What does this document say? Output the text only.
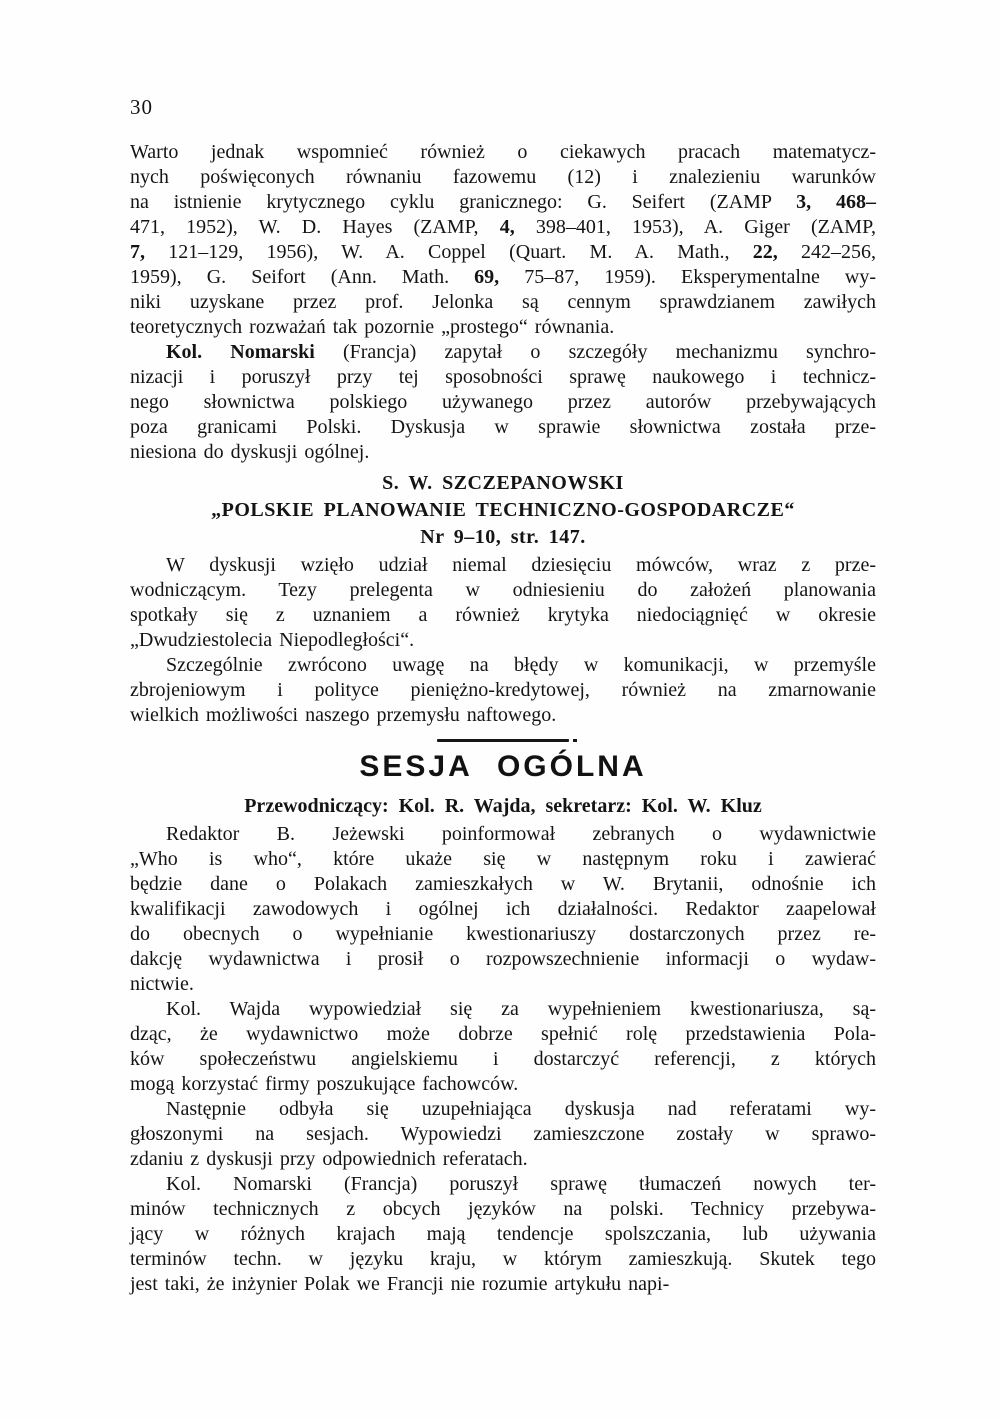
30
Warto jednak wspomnieć również o ciekawych pracach matematycz-
nych poświęconych równaniu fazowemu (12) i znalezieniu warunków
na istnienie krytycznego cyklu granicznego: G. Seifert (ZAMP 3, 468–
471, 1952), W. D. Hayes (ZAMP, 4, 398–401, 1953), A. Giger (ZAMP,
7, 121–129, 1956), W. A. Coppel (Quart. M. A. Math., 22, 242–256,
1959), G. Seifort (Ann. Math. 69, 75–87, 1959). Eksperymentalne wy-
niki uzyskane przez prof. Jelonka są cennym sprawdzianem zawiłych
teoretycznych rozważań tak pozornie „prostego“ równania.
Kol. Nomarski (Francja) zapytał o szczegóły mechanizmu synchro-
nizacji i poruszył przy tej sposobności sprawę naukowego i technicz-
nego słownictwa polskiego używanego przez autorów przebywających
poza granicami Polski. Dyskusja w sprawie słownictwa została prze-
niesiona do dyskusji ogólnej.
S. W. SZCZEPANOWSKI
„POLSKIE PLANOWANIE TECHNICZNO-GOSPODARCZE“
Nr 9–10, str. 147.
W dyskusji wzięło udział niemal dziesięciu mówców, wraz z prze-
wodniczącym. Tezy prelegenta w odniesieniu do założeń planowania
spotkały się z uznaniem a również krytyka niedociągnięć w okresie
„Dwudziestolecia Niepodległości“.
Szczególnie zwrócono uwagę na błędy w komunikacji, w przemyśle
zbrojeniowym i polityce pieniężno-kredytowej, również na zmarnowanie
wielkich możliwości naszego przemysłu naftowego.
SESJA OGÓLNA
Przewodniczący: Kol. R. Wajda, sekretarz: Kol. W. Kluz
Redaktor B. Jeżewski poinformował zebranych o wydawnictwie
„Who is who“, które ukaże się w następnym roku i zawierać
będzie dane o Polakach zamieszkałych w W. Brytanii, odnośnie ich
kwalifikacji zawodowych i ogólnej ich działalności. Redaktor zaapelował
do obecnych o wypełnianie kwestionariuszy dostarczonych przez re-
dakcję wydawnictwa i prosił o rozpowszechnienie informacji o wydaw-
nictwie.
Kol. Wajda wypowiedział się za wypełnieniem kwestionariusza, są-
dząc, że wydawnictwo może dobrze spełnić rolę przedstawienia Pola-
ków społeczeństwu angielskiemu i dostarczyć referencji, z których
mogą korzystać firmy poszukujące fachowców.
Następnie odbyła się uzupełniająca dyskusja nad referatami wy-
głoszonymi na sesjach. Wypowiedzi zamieszczone zostały w sprawo-
zdaniu z dyskusji przy odpowiednich referatach.
Kol. Nomarski (Francja) poruszył sprawę tłumaczeń nowych ter-
minów technicznych z obcych języków na polski. Technicy przebywa-
jący w różnych krajach mają tendencje spolszczania, lub używania
terminów techn. w języku kraju, w którym zamieszkują. Skutek tego
jest taki, że inżynier Polak we Francji nie rozumie artykułu napi-
